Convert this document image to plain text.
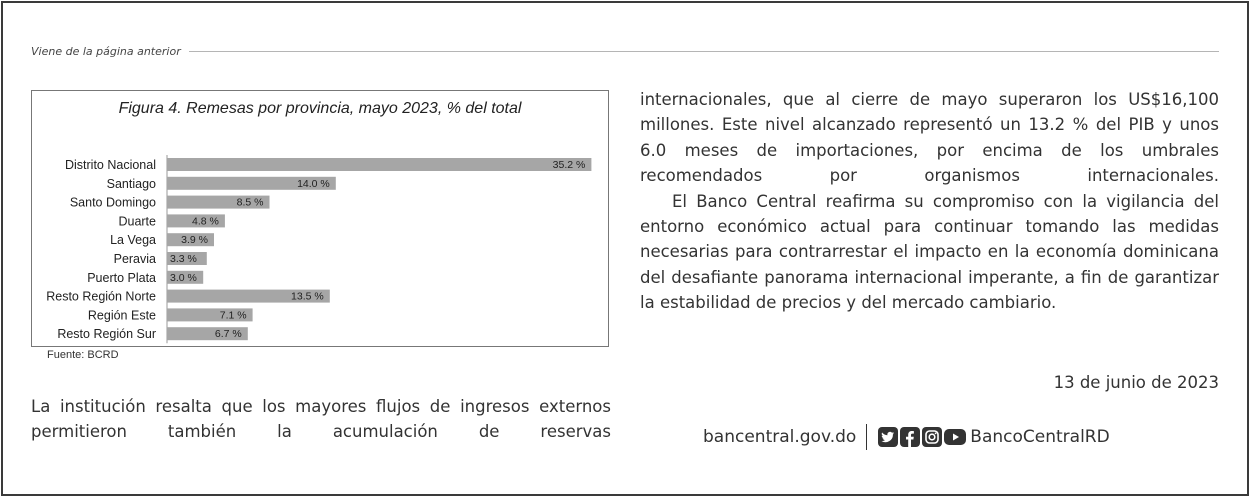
Viene de la página anterior
Figura 4. Remesas por provincia, mayo 2023, % del total
Distrito Nacional	35.2 %
Santiago	14.0 %
Santo Domingo	8.5 %
Duarte	4.8 %
La Vega 3.9 %
Peravia 3.3 %
Puerto Plata 3.0 %
Resto Región Norte	13.5 %
Región Este	7.1 %
Resto Región Sur	6.7 %
Fuente: BCRD

La institución resalta que los mayores flujos de ingresos externos permitieron también la acumulación de reservas

internacionales, que al cierre de mayo superaron los US$16,100 millones. Este nivel alcanzado representó un 13.2 % del PIB y unos 6.0 meses de importaciones, por encima de los umbrales recomendados por organismos internacionales.

El Banco Central reafirma su compromiso con la vigilancia del entorno económico actual para continuar tomando las medidas necesarias para contrarrestar el impacto en la economía dominicana del desafiante panorama internacional imperante, a fin de garantizar la estabilidad de precios y del mercado cambiario.

13 de junio de 2023
bancentral.gov.do	BancoCentralRD
